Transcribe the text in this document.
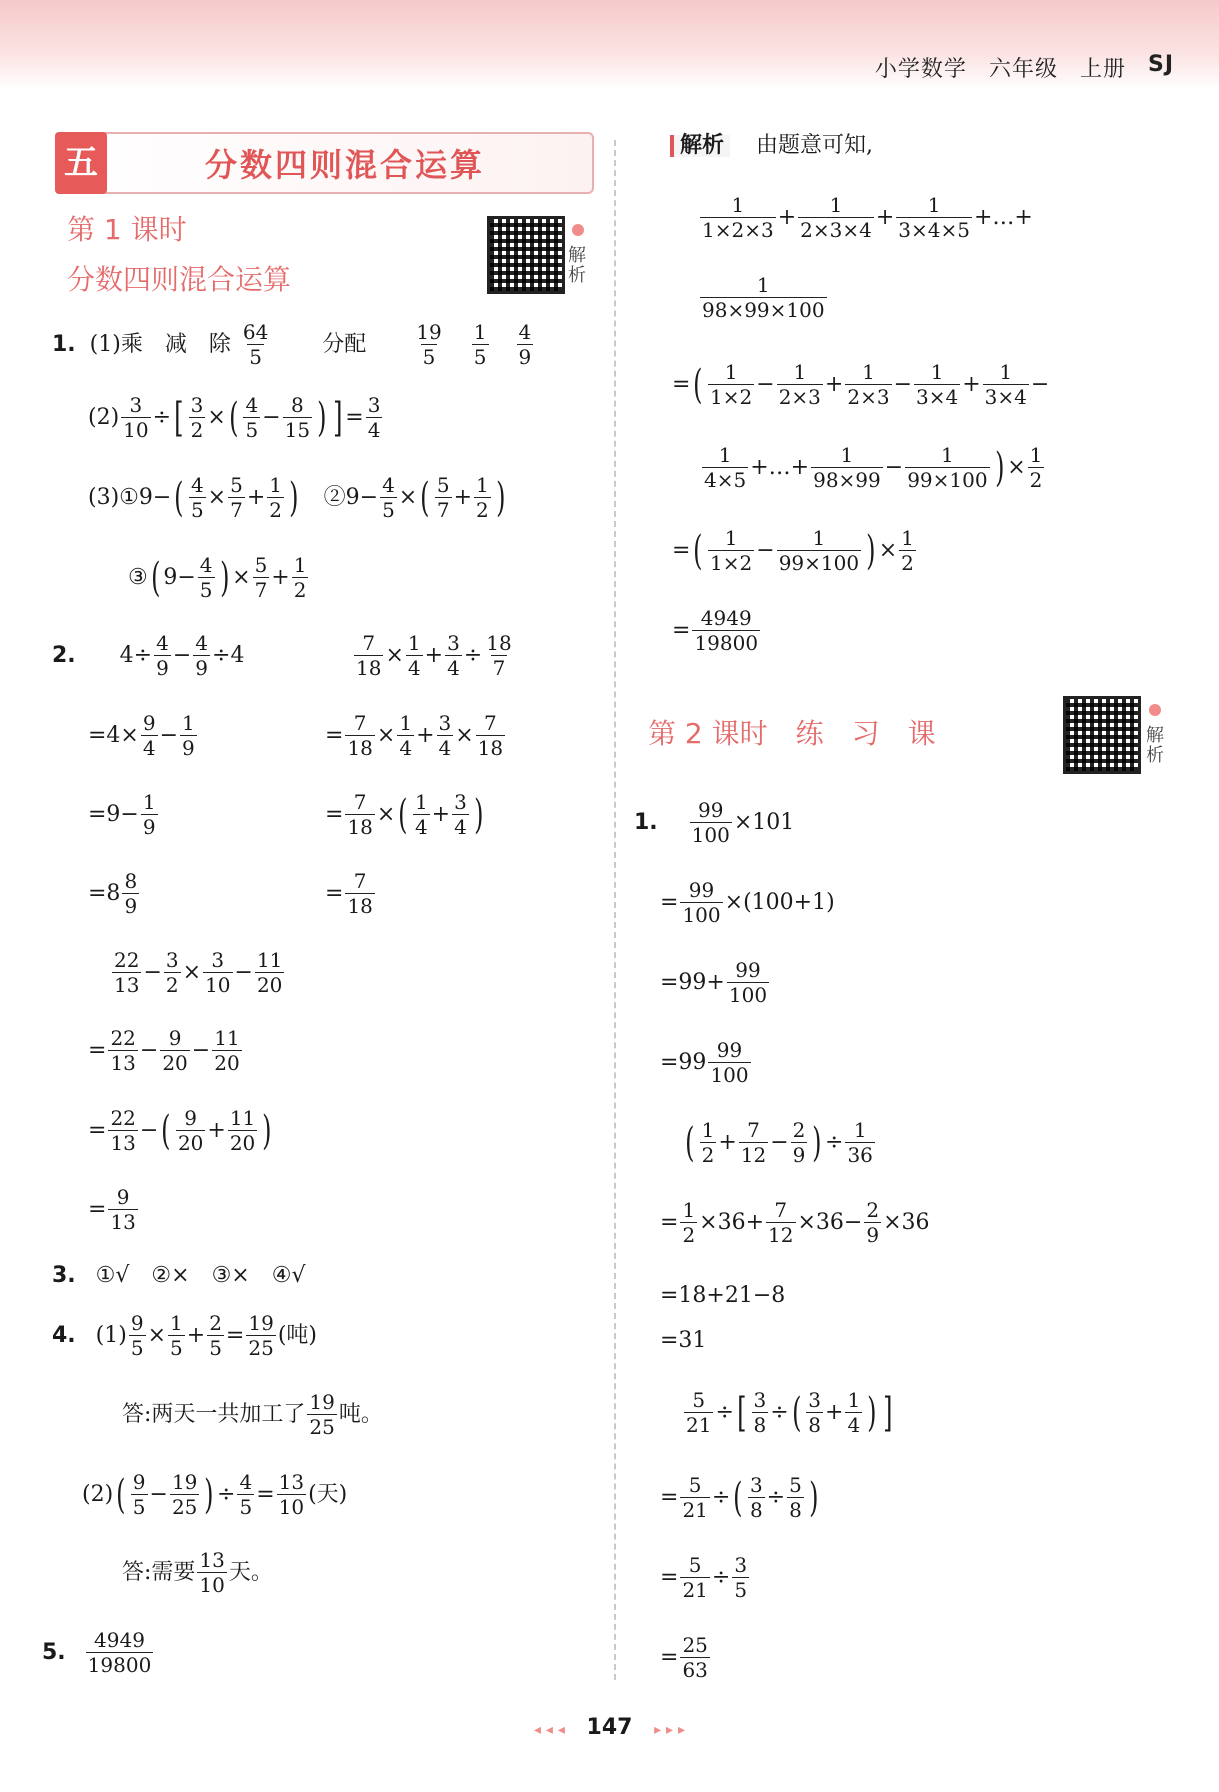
小学数学 六年级 上册 SJ
五	分数四则混合运算
第 1 课时
分数四则混合运算
解析
1. (1)乘　减　除 64
5
分配	19
5
1
5
4
9
(2) 3
10
÷ [ 3
2
× ( 4
5
− 8
15 ) ] = 3
4
(3)①9− ( 4
5
× 5
7
+ 1
2 ) 　②9− 4
5
× ( 5
7
+ 1
2 )
③ ( 9− 4
5 ) × 5
7
+ 1
2
2. 4÷ 4
9
− 4
9
÷4
=4× 9
4
− 1
9
=9− 1
9
=8 8
9
7
18
× 1
4
+ 3
4
÷ 18
7
= 7
18
× 1
4
+ 3
4
× 7
18
= 7
18
× ( 1
4
+ 3
4 )
= 7
18
22
13
− 3
2
× 3
10
− 11
20
= 22
13
− 9
20
− 11
20
= 22
13
− ( 9
20
+ 11
20 )
= 9
13
3. ①√　②×　③×　④√
4. (1) 9
5
× 1
5
+ 2
5
= 19
25
(吨)
答:两天一共加工了 19
25
吨。
(2) ( 9
5
− 19
25 ) ÷ 4
5
= 13
10
(天)
答:需要 13
10
天。
5. 4949
19800
解析 由题意可知,
1
1×2×3
+ 1
2×3×4
+ 1
3×4×5
+…+
1
98×99×100
= ( 1
1×2
− 1
2×3
+ 1
2×3
− 1
3×4
+ 1
3×4
−
1
4×5
+…+ 1
98×99
− 1
99×100 ) × 1
2
= ( 1
1×2
− 1
99×100 ) × 1
2
= 4949
19800
第 2 课时　练　习　课	解析
1. 99
100
×101
= 99
100
× (100+1)
$=99+ \frac{99}{100}$
=99 99
100
( 1
2
+ 7
12
− 2
9 ) ÷ 1
36
= 1
2
×36+ 7
12
×36− 2
9
×36
=18+21−8
=31
5
21
÷ [ 3
8
÷ ( 3
8
+ 1
4 ) ]
= 5
21
÷ ( 3
8
÷ 5
8 )
= 5
21
÷ 3
5
= 25
63
◂ ◂ ◂ 147 ▸ ▸ ▸
